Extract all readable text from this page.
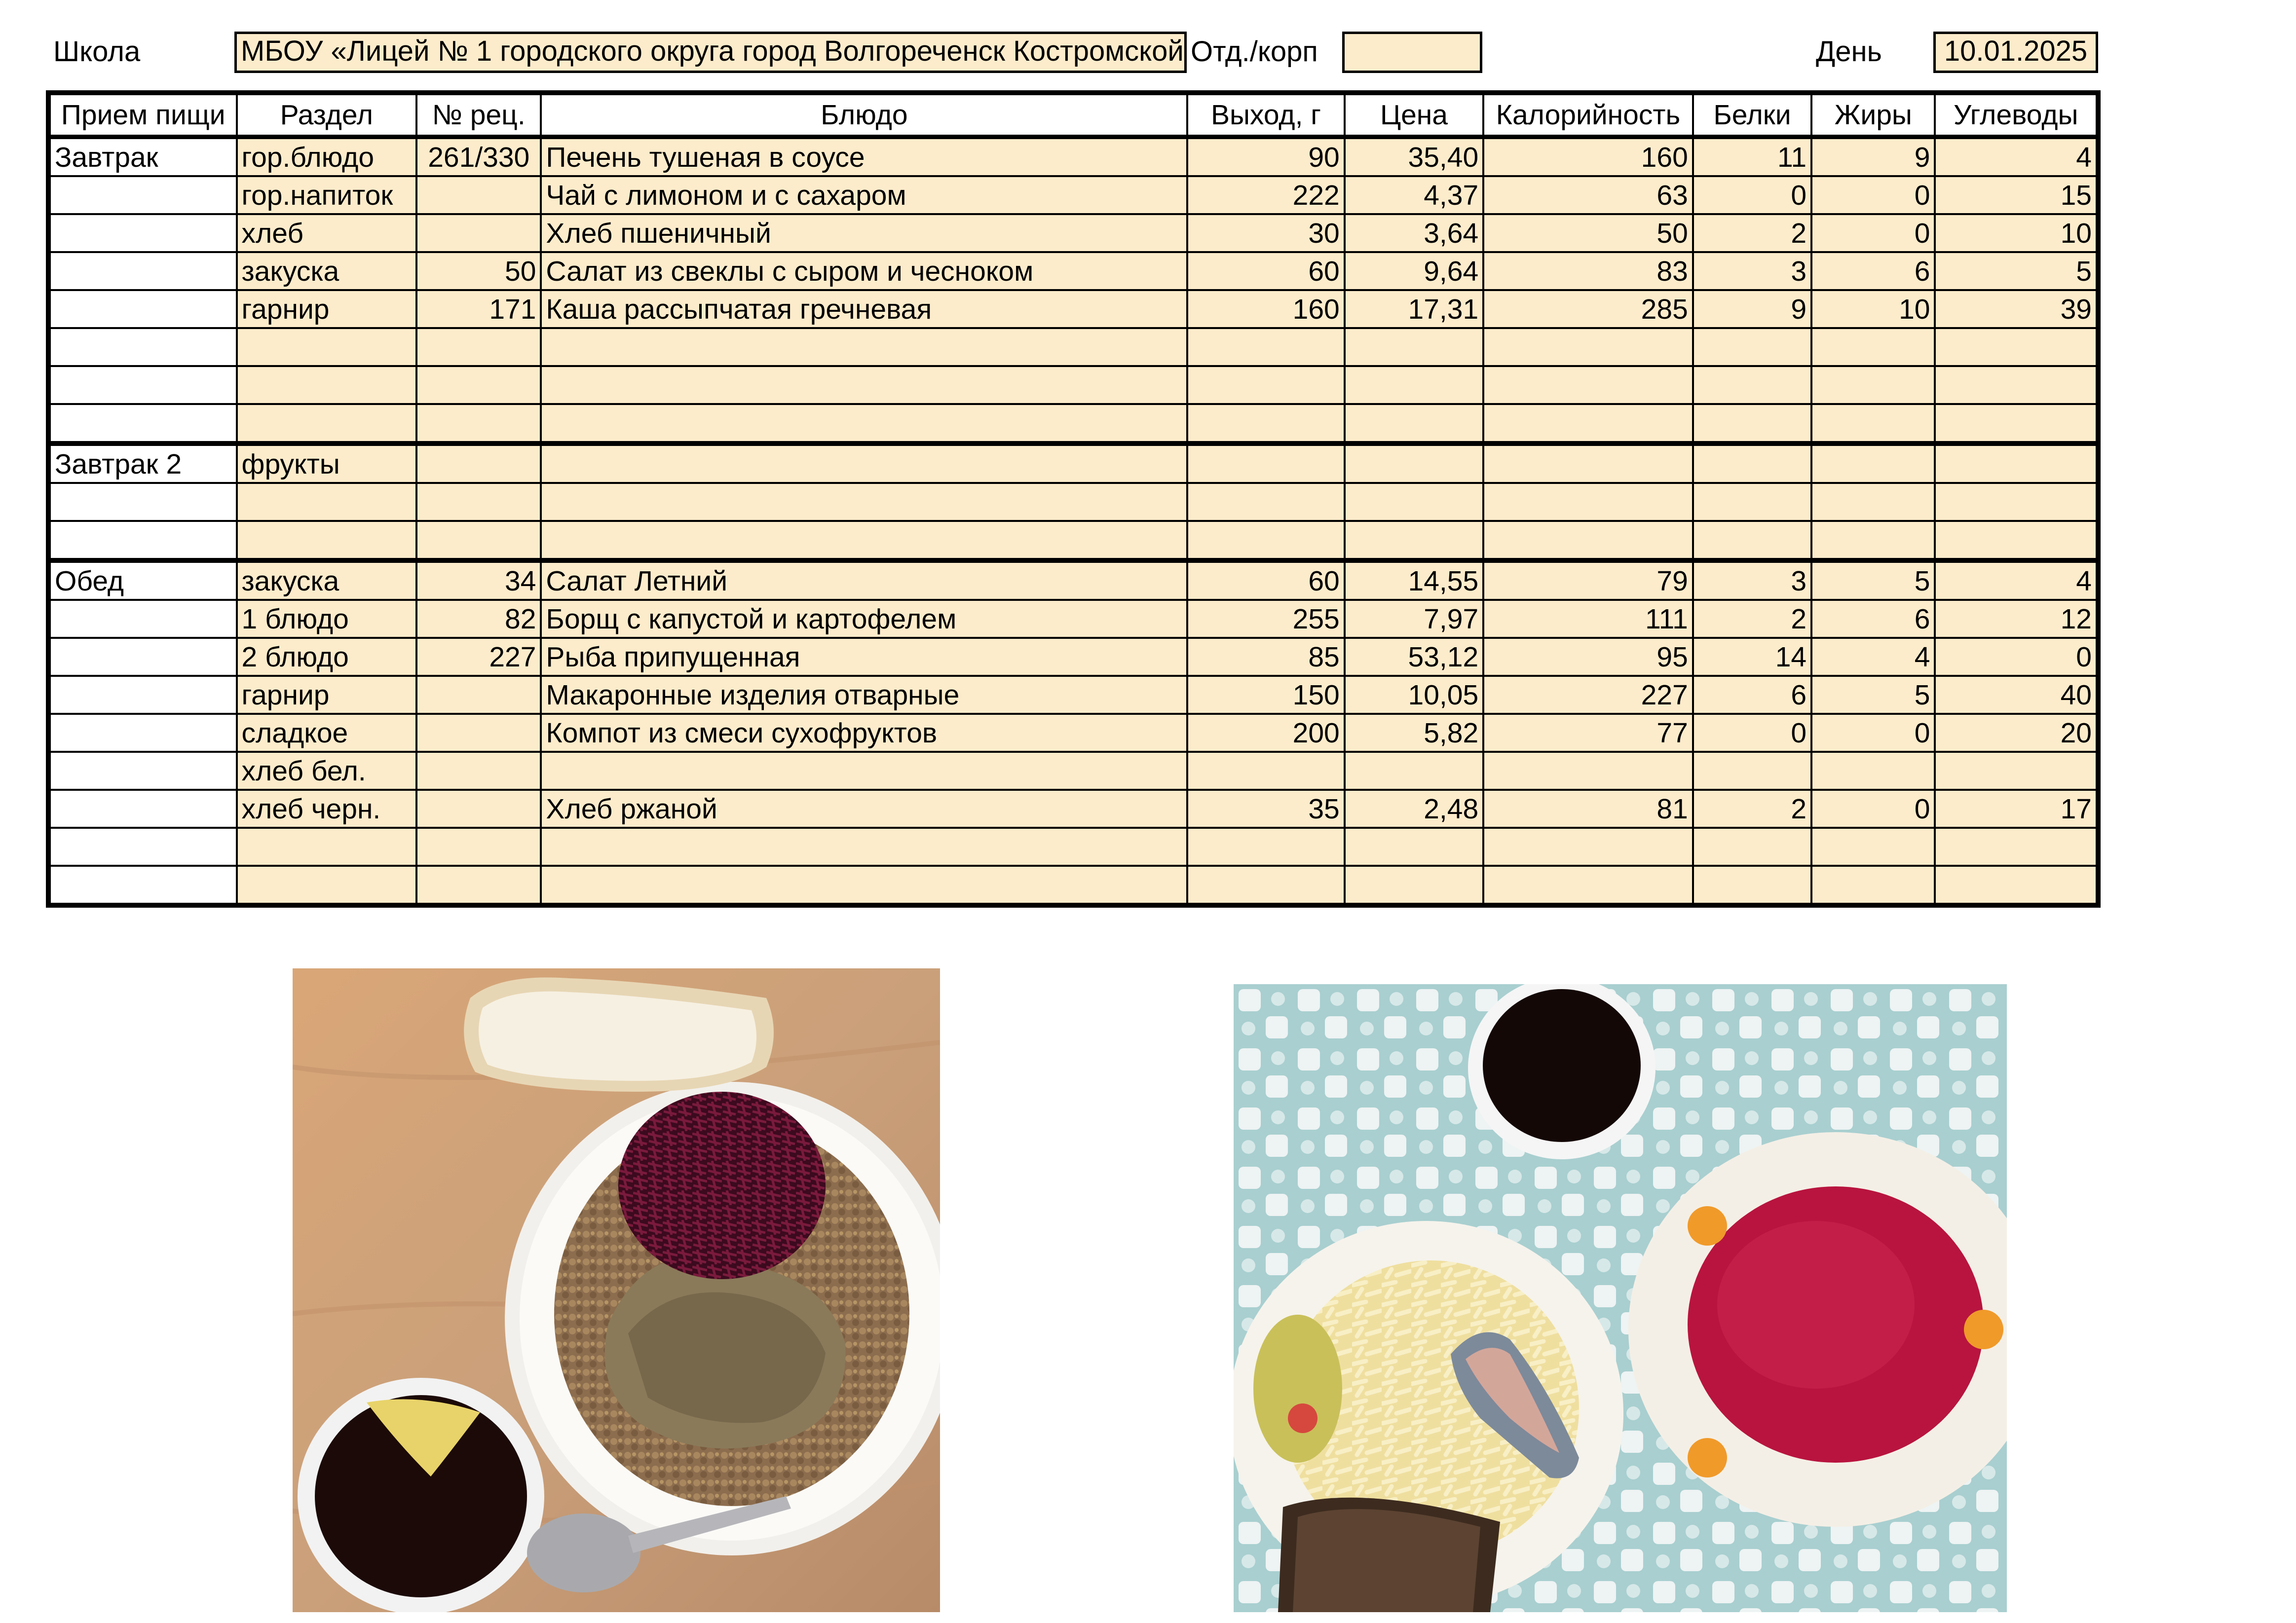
Школа	МБОУ «Лицей № 1 городского округа город Волгореченск Костромской Отд./корп	День	10.01.2025
Прием пищи	Раздел	№ рец.	Блюдо	Выход, г	Цена	Калорийность	Белки	Жиры	Углеводы
Завтрак	гор.блюдо	261/330	Печень тушеная в соусе	90	35,40	160	11	9	4
	гор.напиток		Чай с лимоном и с сахаром	222	4,37	63	0	0	15
	хлеб		Хлеб пшеничный	30	3,64	50	2	0	10
	закуска	50	Салат из свеклы с сыром и чесноком	60	9,64	83	3	6	5
	гарнир	171	Каша рассыпчатая гречневая	160	17,31	285	9	10	39

Завтрак 2	фрукты								

Обед	закуска	34	Салат Летний	60	14,55	79	3	5	4
	1 блюдо	82	Борщ с капустой и картофелем	255	7,97	111	2	6	12
	2 блюдо	227	Рыба припущенная	85	53,12	95	14	4	0
	гарнир		Макаронные изделия отварные	150	10,05	227	6	5	40
	сладкое		Компот из смеси сухофруктов	200	5,82	77	0	0	20
	хлеб бел.								
	хлеб черн.		Хлеб ржаной	35	2,48	81	2	0	17
